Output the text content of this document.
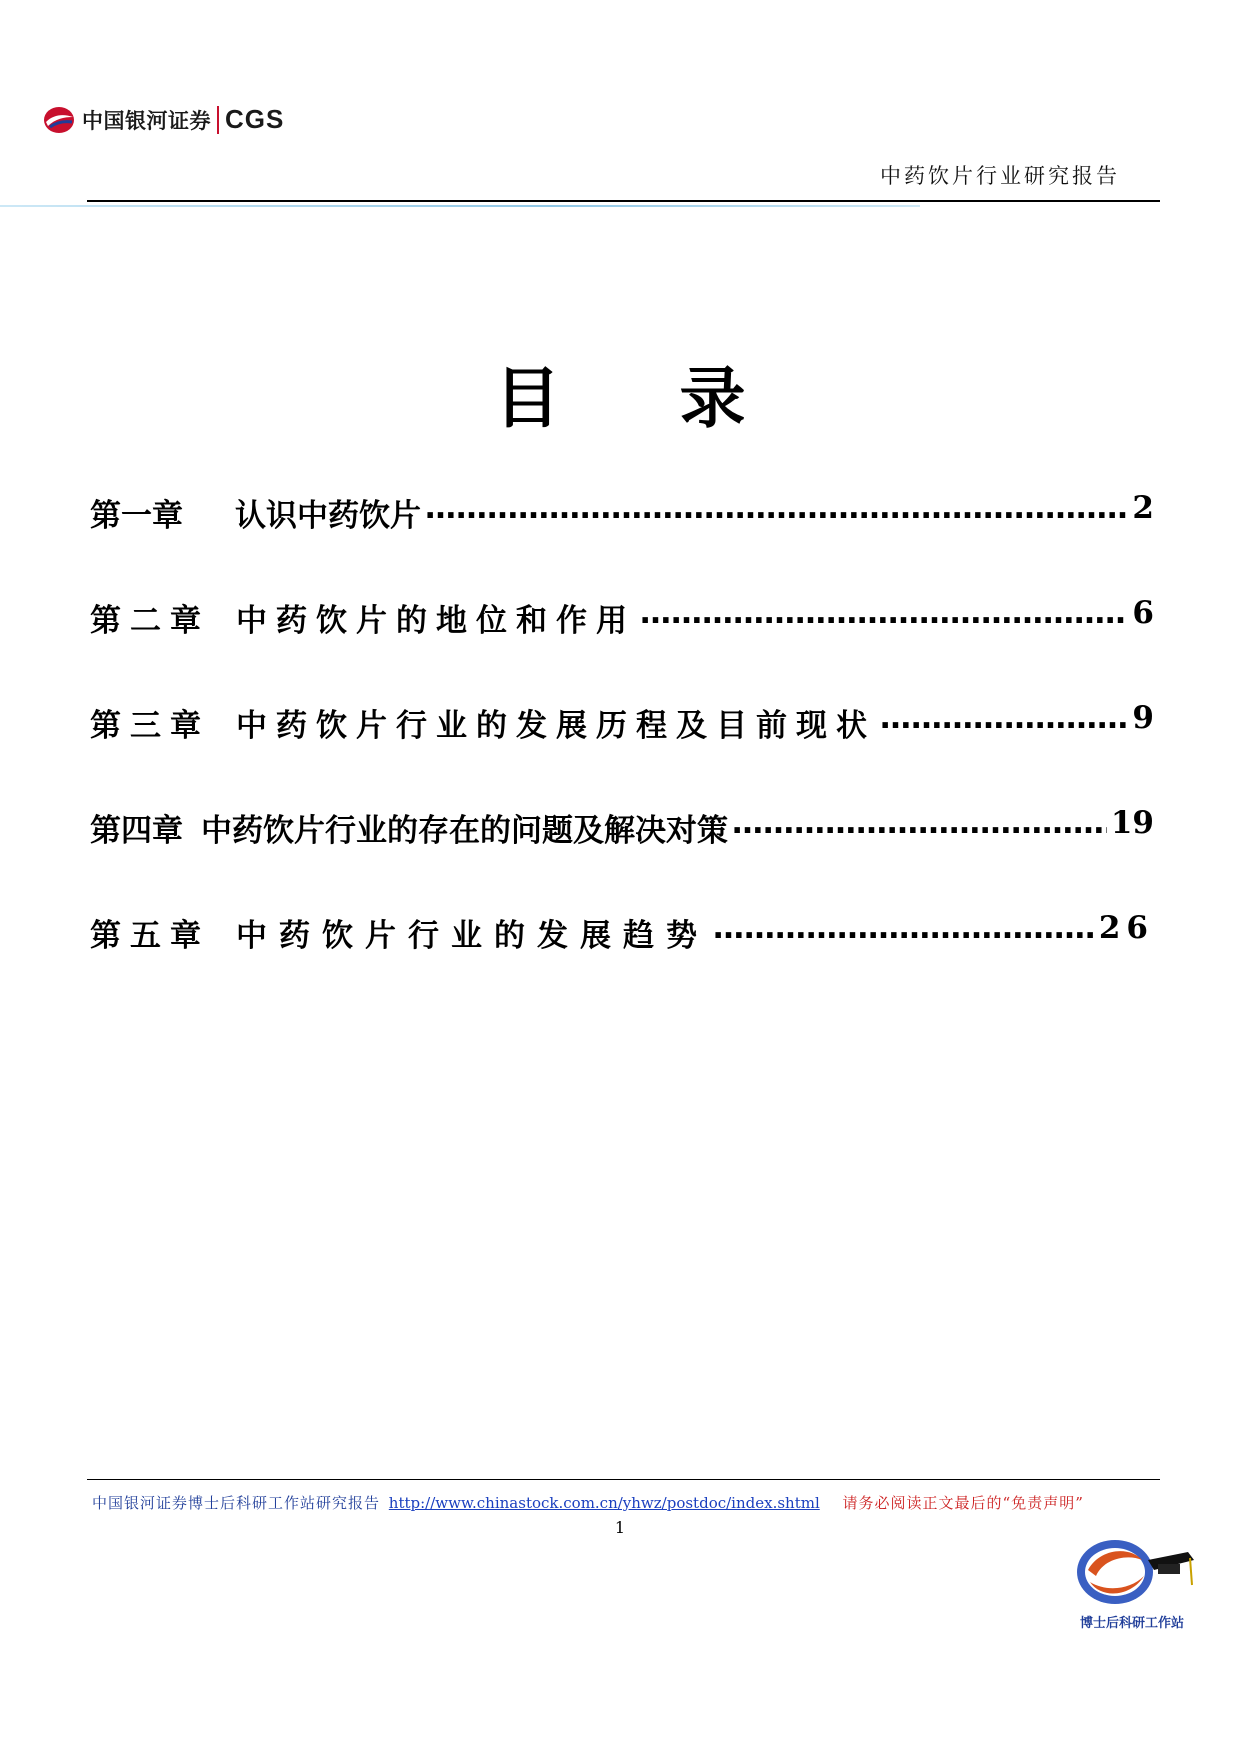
中国银河证券 CGS
中药饮片行业研究报告
目 录
第一章 认识中药饮片 ………………………………………………………………………………………………………………………………………	2
第二章 中药饮片的地位和作用 ………………………………………………………………………………………………………………………………………	6
第三章 中药饮片行业的发展历程及目前现状 ………………………………………………………………………………………………………………………………………	9
第四章 中药饮片行业的存在的问题及解决对策 ………………………………………………………………………………………………………………………………………	19
第五章 中药饮片行业的发展趋势 ………………………………………………………………………………………………………………………………………	26
中国银河证券博士后科研工作站研究报告 http://www.chinastock.com.cn/yhwz/postdoc/index.shtml 请务必阅读正文最后的“免责声明”
1
博士后科研工作站
